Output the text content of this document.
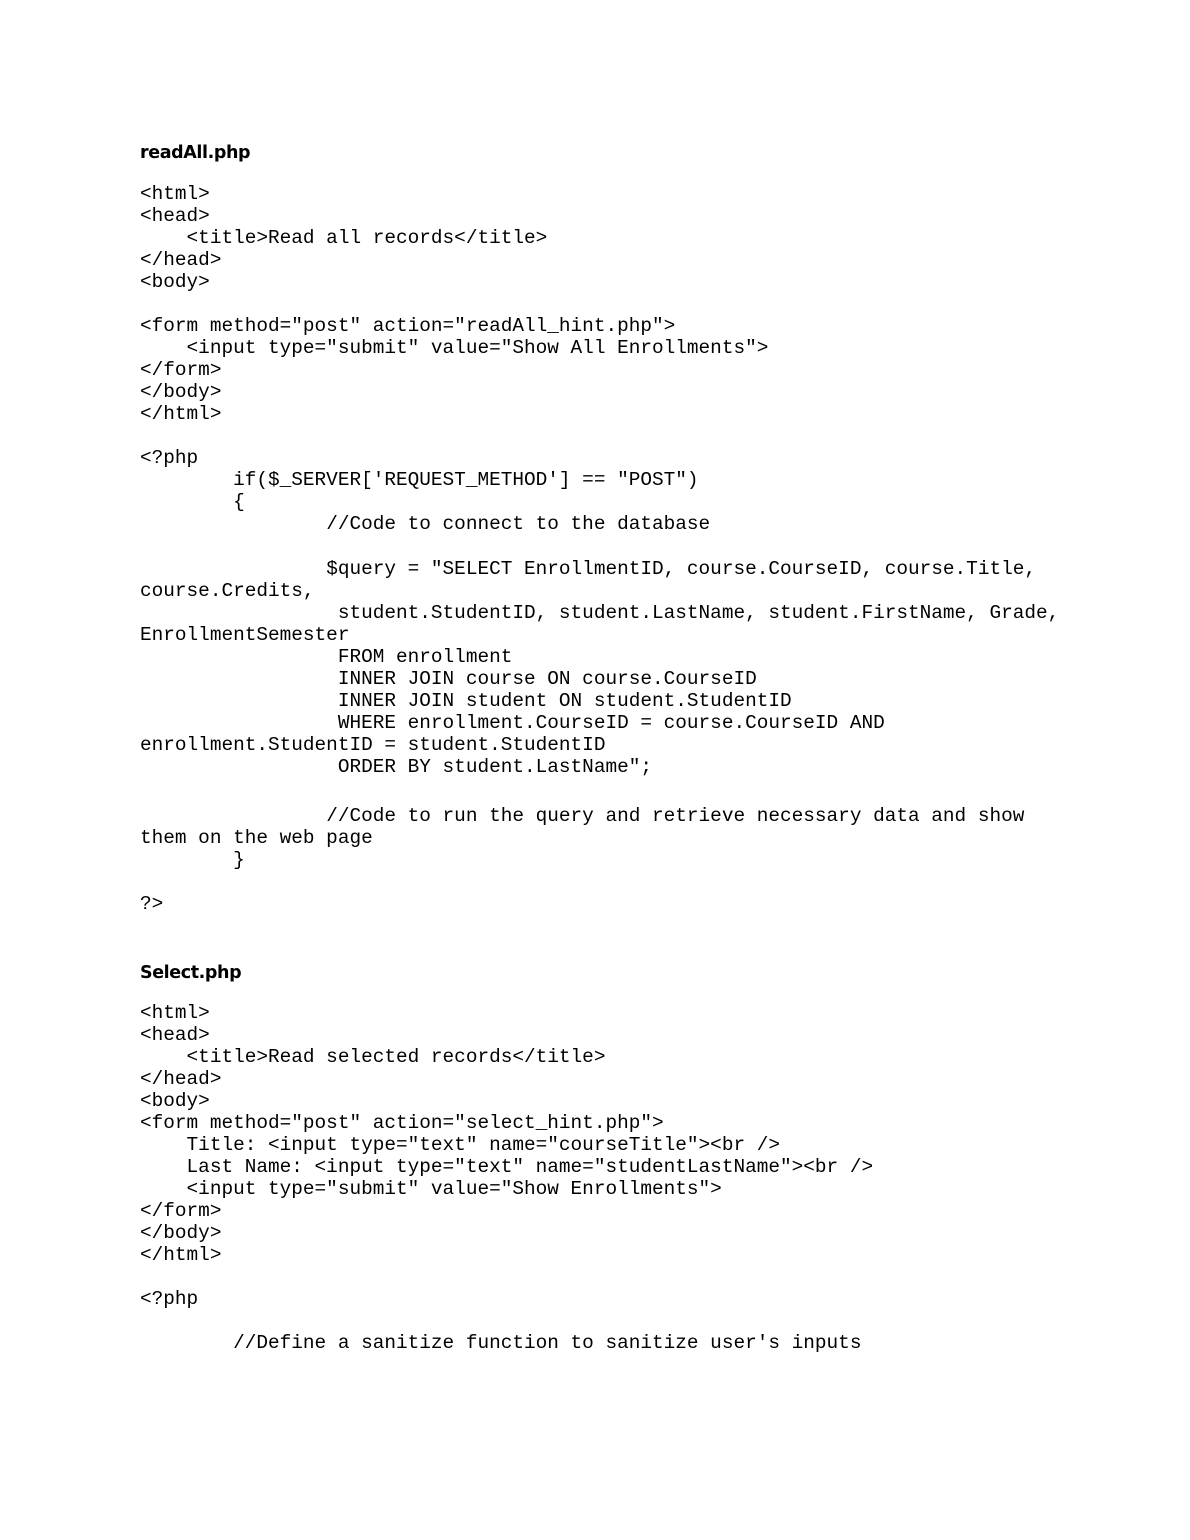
readAll.php
<html>
<head>
<title>Read all records</title>
</head>
<body>
<form method="post" action="readAll_hint.php">
<input type="submit" value="Show All Enrollments">
</form>
</body>
</html>
<?php
	if($_SERVER['REQUEST_METHOD'] == "POST")
	{
		//Code to connect to the database
		$query = "SELECT EnrollmentID, course.CourseID, course.Title,
course.Credits,
		student.StudentID, student.LastName, student.FirstName, Grade,
EnrollmentSemester
		FROM enrollment
		INNER JOIN course ON course.CourseID
		INNER JOIN student ON student.StudentID
		WHERE enrollment.CourseID = course.CourseID AND
enrollment.StudentID = student.StudentID
		ORDER BY student.LastName";
		//Code to run the query and retrieve necessary data and show
them on the web page
	}
?>
Select.php
<html>
<head>
<title>Read selected records</title>
</head>
<body>
<form method="post" action="select_hint.php">
Title: <input type="text" name="courseTitle"><br />
Last Name: <input type="text" name="studentLastName"><br />
<input type="submit" value="Show Enrollments">
</form>
</body>
</html>
<?php
	//Define a sanitize function to sanitize user's inputs
